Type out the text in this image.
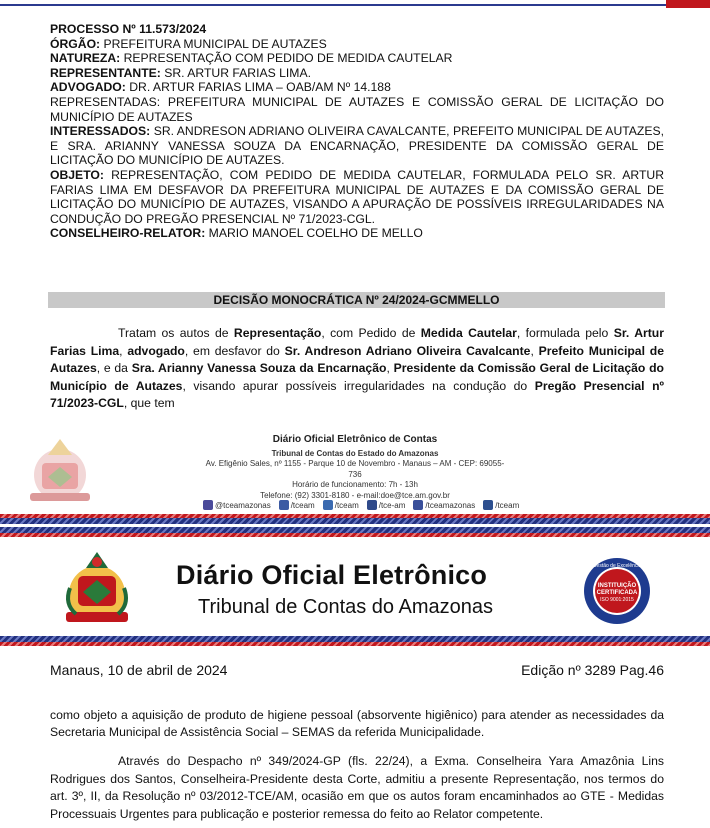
PROCESSO Nº 11.573/2024

ÓRGÃO: PREFEITURA MUNICIPAL DE AUTAZES

NATUREZA: REPRESENTAÇÃO COM PEDIDO DE MEDIDA CAUTELAR

REPRESENTANTE: SR. ARTUR FARIAS LIMA.

ADVOGADO: DR. ARTUR FARIAS LIMA – OAB/AM Nº 14.188

REPRESENTADAS: PREFEITURA MUNICIPAL DE AUTAZES E COMISSÃO GERAL DE LICITAÇÃO DO MUNICÍPIO DE AUTAZES

INTERESSADOS: SR. ANDRESON ADRIANO OLIVEIRA CAVALCANTE, PREFEITO MUNICIPAL DE AUTAZES, E SRA. ARIANNY VANESSA SOUZA DA ENCARNAÇÃO, PRESIDENTE DA COMISSÃO GERAL DE LICITAÇÃO DO MUNICÍPIO DE AUTAZES.

OBJETO: REPRESENTAÇÃO, COM PEDIDO DE MEDIDA CAUTELAR, FORMULADA PELO SR. ARTUR FARIAS LIMA EM DESFAVOR DA PREFEITURA MUNICIPAL DE AUTAZES E DA COMISSÃO GERAL DE LICITAÇÃO DO MUNICÍPIO DE AUTAZES, VISANDO A APURAÇÃO DE POSSÍVEIS IRREGULARIDADES NA CONDUÇÃO DO PREGÃO PRESENCIAL Nº 71/2023-CGL.

CONSELHEIRO-RELATOR: MARIO MANOEL COELHO DE MELLO

DECISÃO MONOCRÁTICA Nº 24/2024-GCMMELLO

Tratam os autos de Representação, com Pedido de Medida Cautelar, formulada pelo Sr. Artur Farias Lima, advogado, em desfavor do Sr. Andreson Adriano Oliveira Cavalcante, Prefeito Municipal de Autazes, e da Sra. Arianny Vanessa Souza da Encarnação, Presidente da Comissão Geral de Licitação do Município de Autazes, visando apurar possíveis irregularidades na condução do Pregão Presencial nº 71/2023-CGL, que tem

Diário Oficial Eletrônico de Contas
Tribunal de Contas do Estado do Amazonas
Av. Efigênio Sales, nº 1155 - Parque 10 de Novembro - Manaus – AM - CEP: 69055-736
Horário de funcionamento: 7h - 13h
Telefone: (92) 3301-8180 - e-mail:doe@tce.am.gov.br
@tceamazonas	/tceam	/tceam	/tce-am	/tceamazonas	/tceam
Diário Oficial Eletrônico
Tribunal de Contas do Amazonas
Gestão de Excelência
INSTITUIÇÃO
CERTIFICADA
ISO 9001:2015
Manaus, 10 de abril de 2024	Edição nº 3289 Pag.46

como objeto a aquisição de produto de higiene pessoal (absorvente higiênico) para atender as necessidades da Secretaria Municipal de Assistência Social – SEMAS da referida Municipalidade.

Através do Despacho nº 349/2024-GP (fls. 22/24), a Exma. Conselheira Yara Amazônia Lins Rodrigues dos Santos, Conselheira-Presidente desta Corte, admitiu a presente Representação, nos termos do art. 3º, II, da Resolução nº 03/2012-TCE/AM, ocasião em que os autos foram encaminhados ao GTE - Medidas Processuais Urgentes para publicação e posterior remessa do feito ao Relator competente.
